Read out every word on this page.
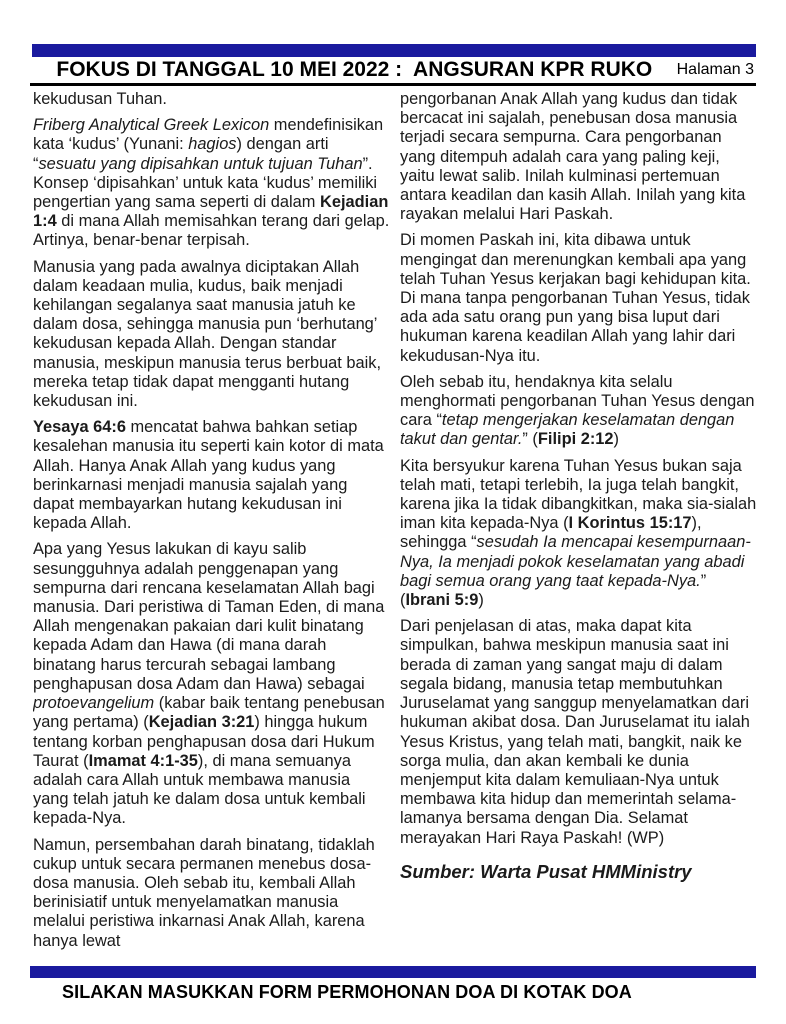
FOKUS DI TANGGAL 10 MEI 2022 :  ANGSURAN KPR RUKO	Halaman 3

kekudusan Tuhan.

Friberg Analytical Greek Lexicon mendefinisikan kata ‘kudus’ (Yunani: hagios) dengan arti “sesuatu yang dipisahkan untuk tujuan Tuhan”. Konsep ‘dipisahkan’ untuk kata ‘kudus’ memiliki pengertian yang sama seperti di dalam Kejadian 1:4 di mana Allah memisahkan terang dari gelap. Artinya, benar-benar terpisah.

Manusia yang pada awalnya diciptakan Allah dalam keadaan mulia, kudus, baik menjadi kehilangan segalanya saat manusia jatuh ke dalam dosa, sehingga manusia pun ‘berhutang’ kekudusan kepada Allah. Dengan standar manusia, meskipun manusia terus berbuat baik, mereka tetap tidak dapat mengganti hutang kekudusan ini.

Yesaya 64:6 mencatat bahwa bahkan setiap kesalehan manusia itu seperti kain kotor di mata Allah. Hanya Anak Allah yang kudus yang berinkarnasi menjadi manusia sajalah yang dapat membayarkan hutang kekudusan ini kepada Allah.

Apa yang Yesus lakukan di kayu salib sesungguhnya adalah penggenapan yang sempurna dari rencana keselamatan Allah bagi manusia. Dari peristiwa di Taman Eden, di mana Allah mengenakan pakaian dari kulit binatang kepada Adam dan Hawa (di mana darah binatang harus tercurah sebagai lambang penghapusan dosa Adam dan Hawa) sebagai protoevangelium (kabar baik tentang penebusan yang pertama) (Kejadian 3:21) hingga hukum tentang korban penghapusan dosa dari Hukum Taurat (Imamat 4:1-35), di mana semuanya adalah cara Allah untuk membawa manusia yang telah jatuh ke dalam dosa untuk kembali kepada-Nya.

Namun, persembahan darah binatang, tidaklah cukup untuk secara permanen menebus dosa-dosa manusia. Oleh sebab itu, kembali Allah berinisiatif untuk menyelamatkan manusia melalui peristiwa inkarnasi Anak Allah, karena hanya lewat

pengorbanan Anak Allah yang kudus dan tidak bercacat ini sajalah, penebusan dosa manusia terjadi secara sempurna. Cara pengorbanan yang ditempuh adalah cara yang paling keji, yaitu lewat salib. Inilah kulminasi pertemuan antara keadilan dan kasih Allah. Inilah yang kita rayakan melalui Hari Paskah.

Di momen Paskah ini, kita dibawa untuk mengingat dan merenungkan kembali apa yang telah Tuhan Yesus kerjakan bagi kehidupan kita. Di mana tanpa pengorbanan Tuhan Yesus, tidak ada ada satu orang pun yang bisa luput dari hukuman karena keadilan Allah yang lahir dari kekudusan-Nya itu.

Oleh sebab itu, hendaknya kita selalu menghormati pengorbanan Tuhan Yesus dengan cara “tetap mengerjakan keselamatan dengan takut dan gentar.” (Filipi 2:12)

Kita bersyukur karena Tuhan Yesus bukan saja telah mati, tetapi terlebih, Ia juga telah bangkit, karena jika Ia tidak dibangkitkan, maka sia-sialah iman kita kepada-Nya (I Korintus 15:17), sehingga “sesudah Ia mencapai kesempurnaan-Nya, Ia menjadi pokok keselamatan yang abadi bagi semua orang yang taat kepada-Nya.” (Ibrani 5:9)

Dari penjelasan di atas, maka dapat kita simpulkan, bahwa meskipun manusia saat ini berada di zaman yang sangat maju di dalam segala bidang, manusia tetap membutuhkan Juruselamat yang sanggup menyelamatkan dari hukuman akibat dosa. Dan Juruselamat itu ialah Yesus Kristus, yang telah mati, bangkit, naik ke sorga mulia, dan akan kembali ke dunia menjemput kita dalam kemuliaan-Nya untuk membawa kita hidup dan memerintah selama-lamanya bersama dengan Dia. Selamat merayakan Hari Raya Paskah! (WP)

Sumber: Warta Pusat HMMinistry

SILAKAN MASUKKAN FORM PERMOHONAN DOA DI KOTAK DOA
